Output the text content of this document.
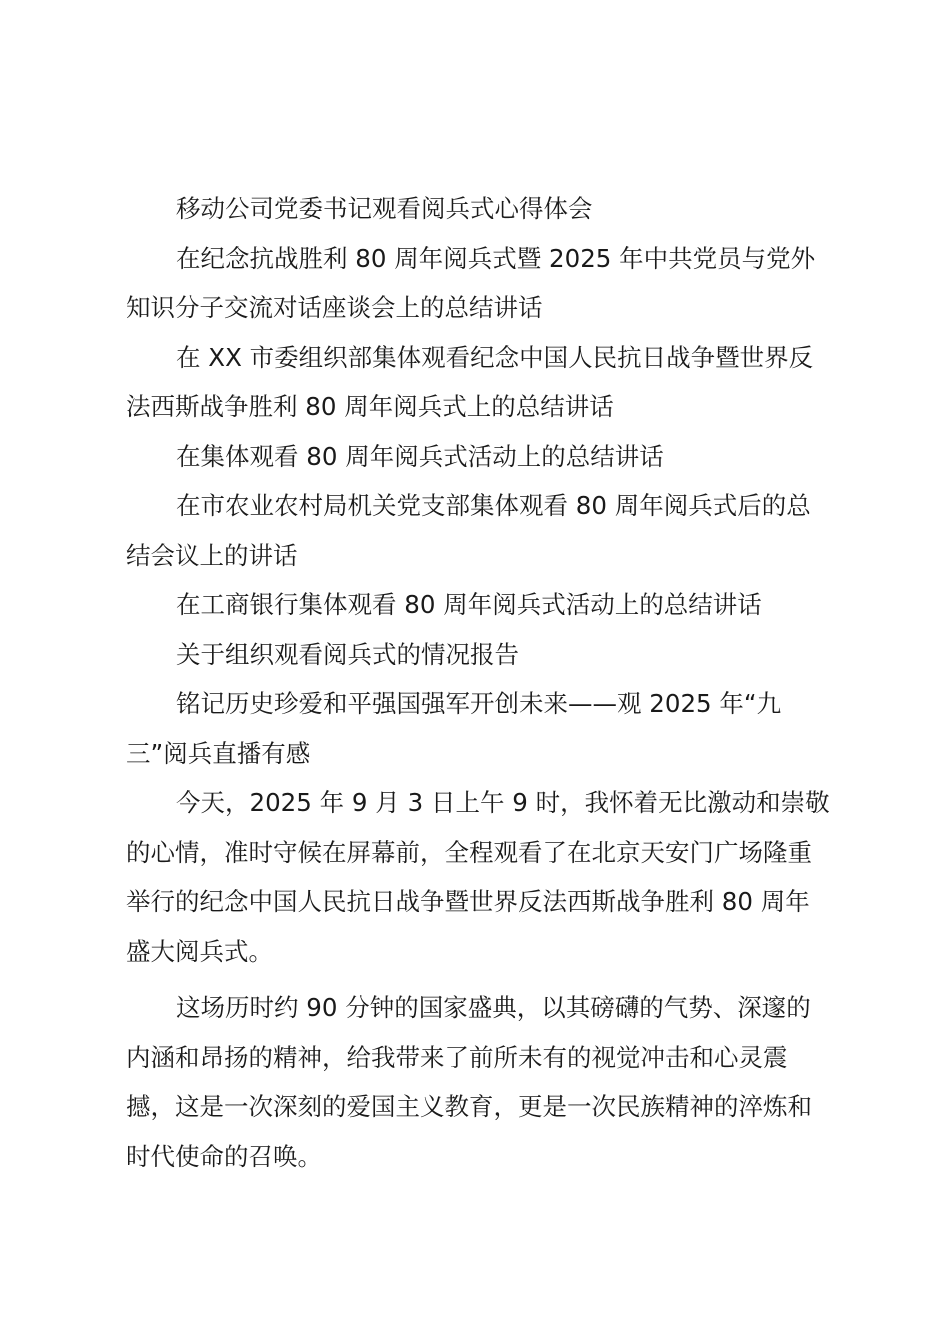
移动公司党委书记观看阅兵式心得体会

在纪念抗战胜利 80 周年阅兵式暨 2025 年中共党员与党外知识分子交流对话座谈会上的总结讲话

在 XX 市委组织部集体观看纪念中国人民抗日战争暨世界反法西斯战争胜利 80 周年阅兵式上的总结讲话

在集体观看 80 周年阅兵式活动上的总结讲话

在市农业农村局机关党支部集体观看 80 周年阅兵式后的总结会议上的讲话

在工商银行集体观看 80 周年阅兵式活动上的总结讲话

关于组织观看阅兵式的情况报告

铭记历史珍爱和平强国强军开创未来——观 2025 年“九三”阅兵直播有感

今天，2025 年 9 月 3 日上午 9 时，我怀着无比激动和崇敬的心情，准时守候在屏幕前，全程观看了在北京天安门广场隆重举行的纪念中国人民抗日战争暨世界反法西斯战争胜利 80 周年盛大阅兵式。

这场历时约 90 分钟的国家盛典，以其磅礴的气势、深邃的内涵和昂扬的精神，给我带来了前所未有的视觉冲击和心灵震撼，这是一次深刻的爱国主义教育，更是一次民族精神的淬炼和时代使命的召唤。
